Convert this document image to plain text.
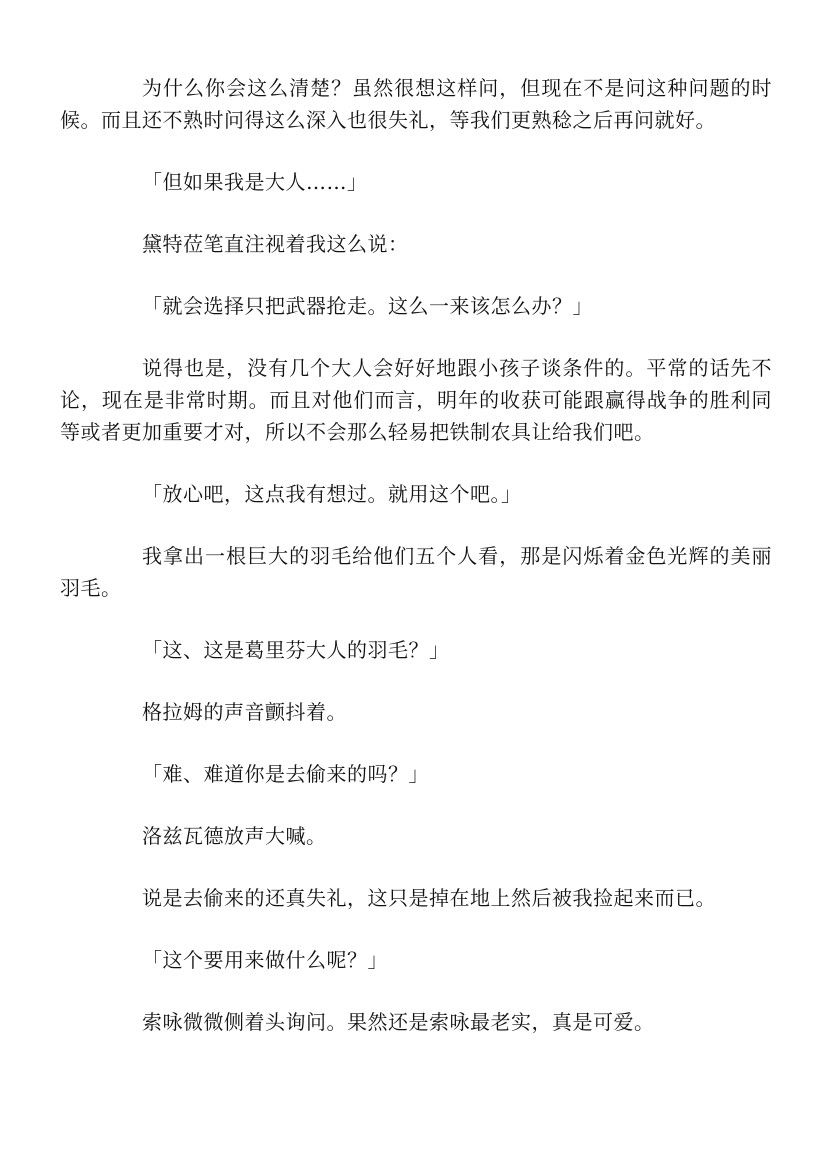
为什么你会这么清楚？虽然很想这样问，但现在不是问这种问题的时候。而且还不熟时问得这么深入也很失礼，等我们更熟稔之后再问就好。

「但如果我是大人……」

黛特莅笔直注视着我这么说：

「就会选择只把武器抢走。这么一来该怎么办？」

说得也是，没有几个大人会好好地跟小孩子谈条件的。平常的话先不论，现在是非常时期。而且对他们而言，明年的收获可能跟赢得战争的胜利同等或者更加重要才对，所以不会那么轻易把铁制农具让给我们吧。

「放心吧，这点我有想过。就用这个吧。」

我拿出一根巨大的羽毛给他们五个人看，那是闪烁着金色光辉的美丽羽毛。

「这、这是葛里芬大人的羽毛？」

格拉姆的声音颤抖着。

「难、难道你是去偷来的吗？」

洛兹瓦德放声大喊。

说是去偷来的还真失礼，这只是掉在地上然后被我捡起来而已。

「这个要用来做什么呢？」

索咏微微侧着头询问。果然还是索咏最老实，真是可爱。
